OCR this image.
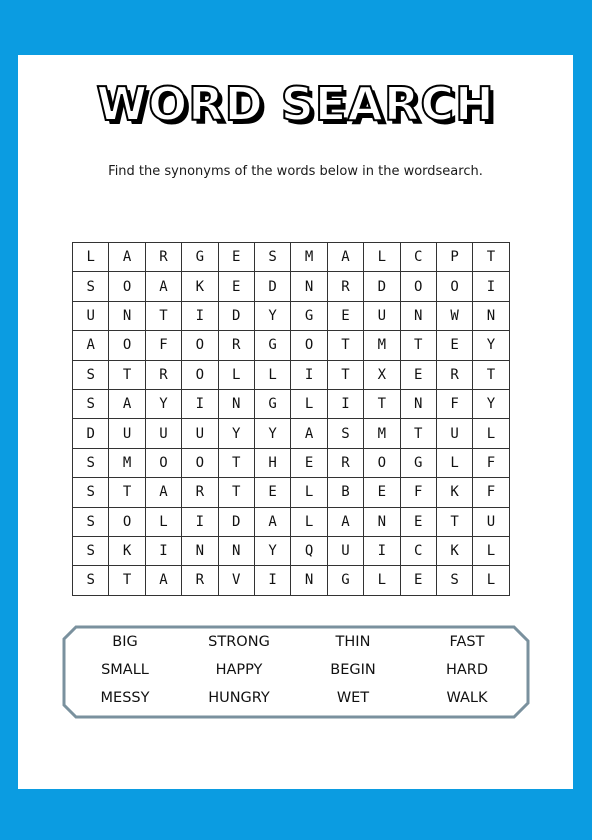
WORD SEARCH
Find the synonyms of the words below in the wordsearch.
L	A	R	G	E	S	M	A	L	C	P	T
S	O	A	K	E	D	N	R	D	O	O	I
U	N	T	I	D	Y	G	E	U	N	W	N
A	O	F	O	R	G	O	T	M	T	E	Y
S	T	R	O	L	L	I	T	X	E	R	T
S	A	Y	I	N	G	L	I	T	N	F	Y
D	U	U	U	Y	Y	A	S	M	T	U	L
S	M	O	O	T	H	E	R	O	G	L	F
S	T	A	R	T	E	L	B	E	F	K	F
S	O	L	I	D	A	L	A	N	E	T	U
S	K	I	N	N	Y	Q	U	I	C	K	L
S	T	A	R	V	I	N	G	L	E	S	L
BIG	STRONG	THIN	FAST
SMALL	HAPPY	BEGIN	HARD
MESSY	HUNGRY	WET	WALK
